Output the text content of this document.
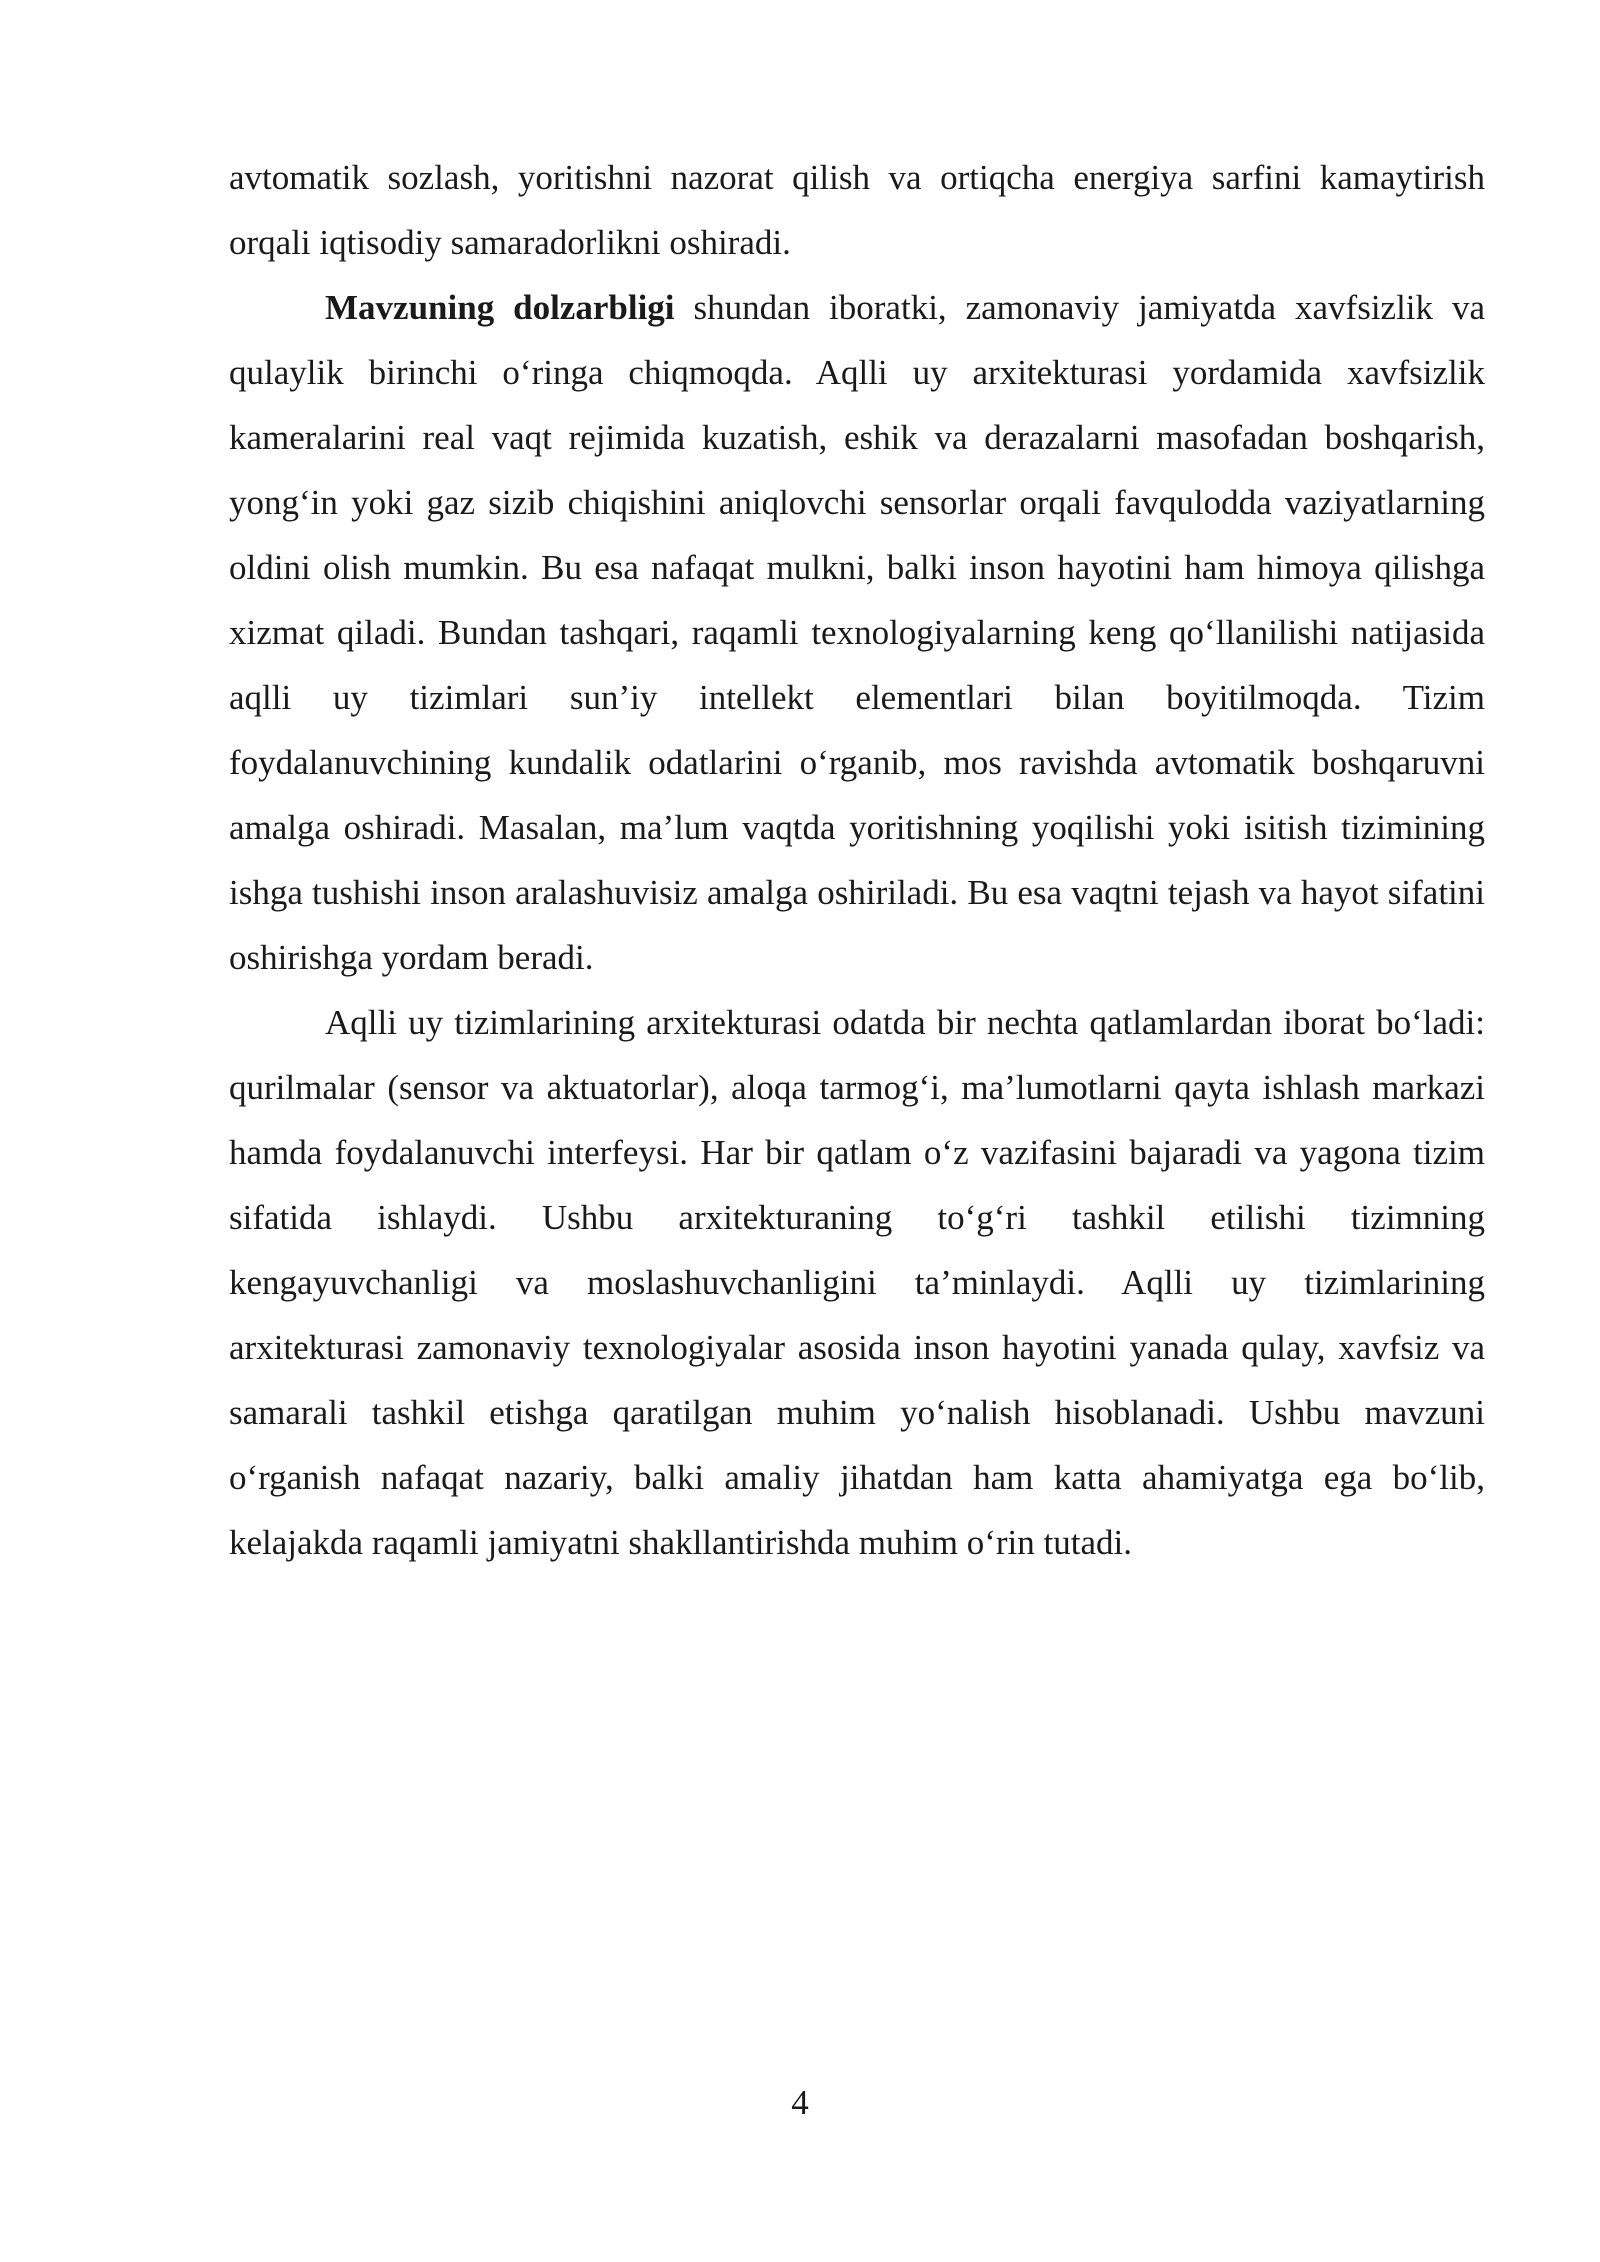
avtomatik sozlash, yoritishni nazorat qilish va ortiqcha energiya sarfini kamaytirish orqali iqtisodiy samaradorlikni oshiradi.

Mavzuning dolzarbligi shundan iboratki, zamonaviy jamiyatda xavfsizlik va qulaylik birinchi o‘ringa chiqmoqda. Aqlli uy arxitekturasi yordamida xavfsizlik kameralarini real vaqt rejimida kuzatish, eshik va derazalarni masofadan boshqarish, yong‘in yoki gaz sizib chiqishini aniqlovchi sensorlar orqali favqulodda vaziyatlarning oldini olish mumkin. Bu esa nafaqat mulkni, balki inson hayotini ham himoya qilishga xizmat qiladi. Bundan tashqari, raqamli texnologiyalarning keng qo‘llanilishi natijasida aqlli uy tizimlari sun’iy intellekt elementlari bilan boyitilmoqda. Tizim foydalanuvchining kundalik odatlarini o‘rganib, mos ravishda avtomatik boshqaruvni amalga oshiradi. Masalan, ma’lum vaqtda yoritishning yoqilishi yoki isitish tizimining ishga tushishi inson aralashuvisiz amalga oshiriladi. Bu esa vaqtni tejash va hayot sifatini oshirishga yordam beradi.

Aqlli uy tizimlarining arxitekturasi odatda bir nechta qatlamlardan iborat bo‘ladi: qurilmalar (sensor va aktuatorlar), aloqa tarmog‘i, ma’lumotlarni qayta ishlash markazi hamda foydalanuvchi interfeysi. Har bir qatlam o‘z vazifasini bajaradi va yagona tizim sifatida ishlaydi. Ushbu arxitekturaning to‘g‘ri tashkil etilishi tizimning kengayuvchanligi va moslashuvchanligini ta’minlaydi. Aqlli uy tizimlarining arxitekturasi zamonaviy texnologiyalar asosida inson hayotini yanada qulay, xavfsiz va samarali tashkil etishga qaratilgan muhim yo‘nalish hisoblanadi. Ushbu mavzuni o‘rganish nafaqat nazariy, balki amaliy jihatdan ham katta ahamiyatga ega bo‘lib, kelajakda raqamli jamiyatni shakllantirishda muhim o‘rin tutadi.

4
